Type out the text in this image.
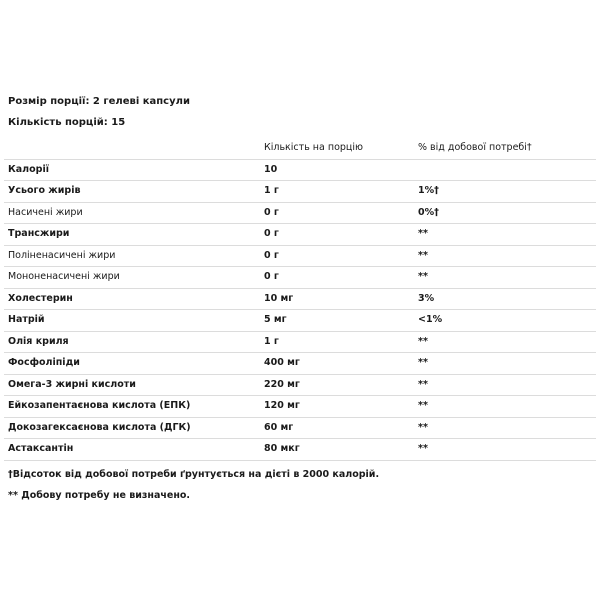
Розмір порції: 2 гелеві капсули
Кількість порцій: 15
	Кількість на порцію	% від добової потребі†
Калорії	10	
Усього жирів	1 г	1%†
Насичені жири	0 г	0%†
Трансжири	0 г	**
Поліненасичені жири	0 г	**
Мононенасичені жири	0 г	**
Холестерин	10 мг	3%
Натрій	5 мг	<1%
Олія криля	1 г	**
Фосфоліпіди	400 мг	**
Омега-3 жирні кислоти	220 мг	**
Ейкозапентаєнова кислота (ЕПК)	120 мг	**
Докозагексаєнова кислота (ДГК)	60 мг	**
Астаксантін	80 мкг	**
†Відсоток від добової потреби ґрунтується на дієті в 2000 калорій.
** Добову потребу не визначено.
